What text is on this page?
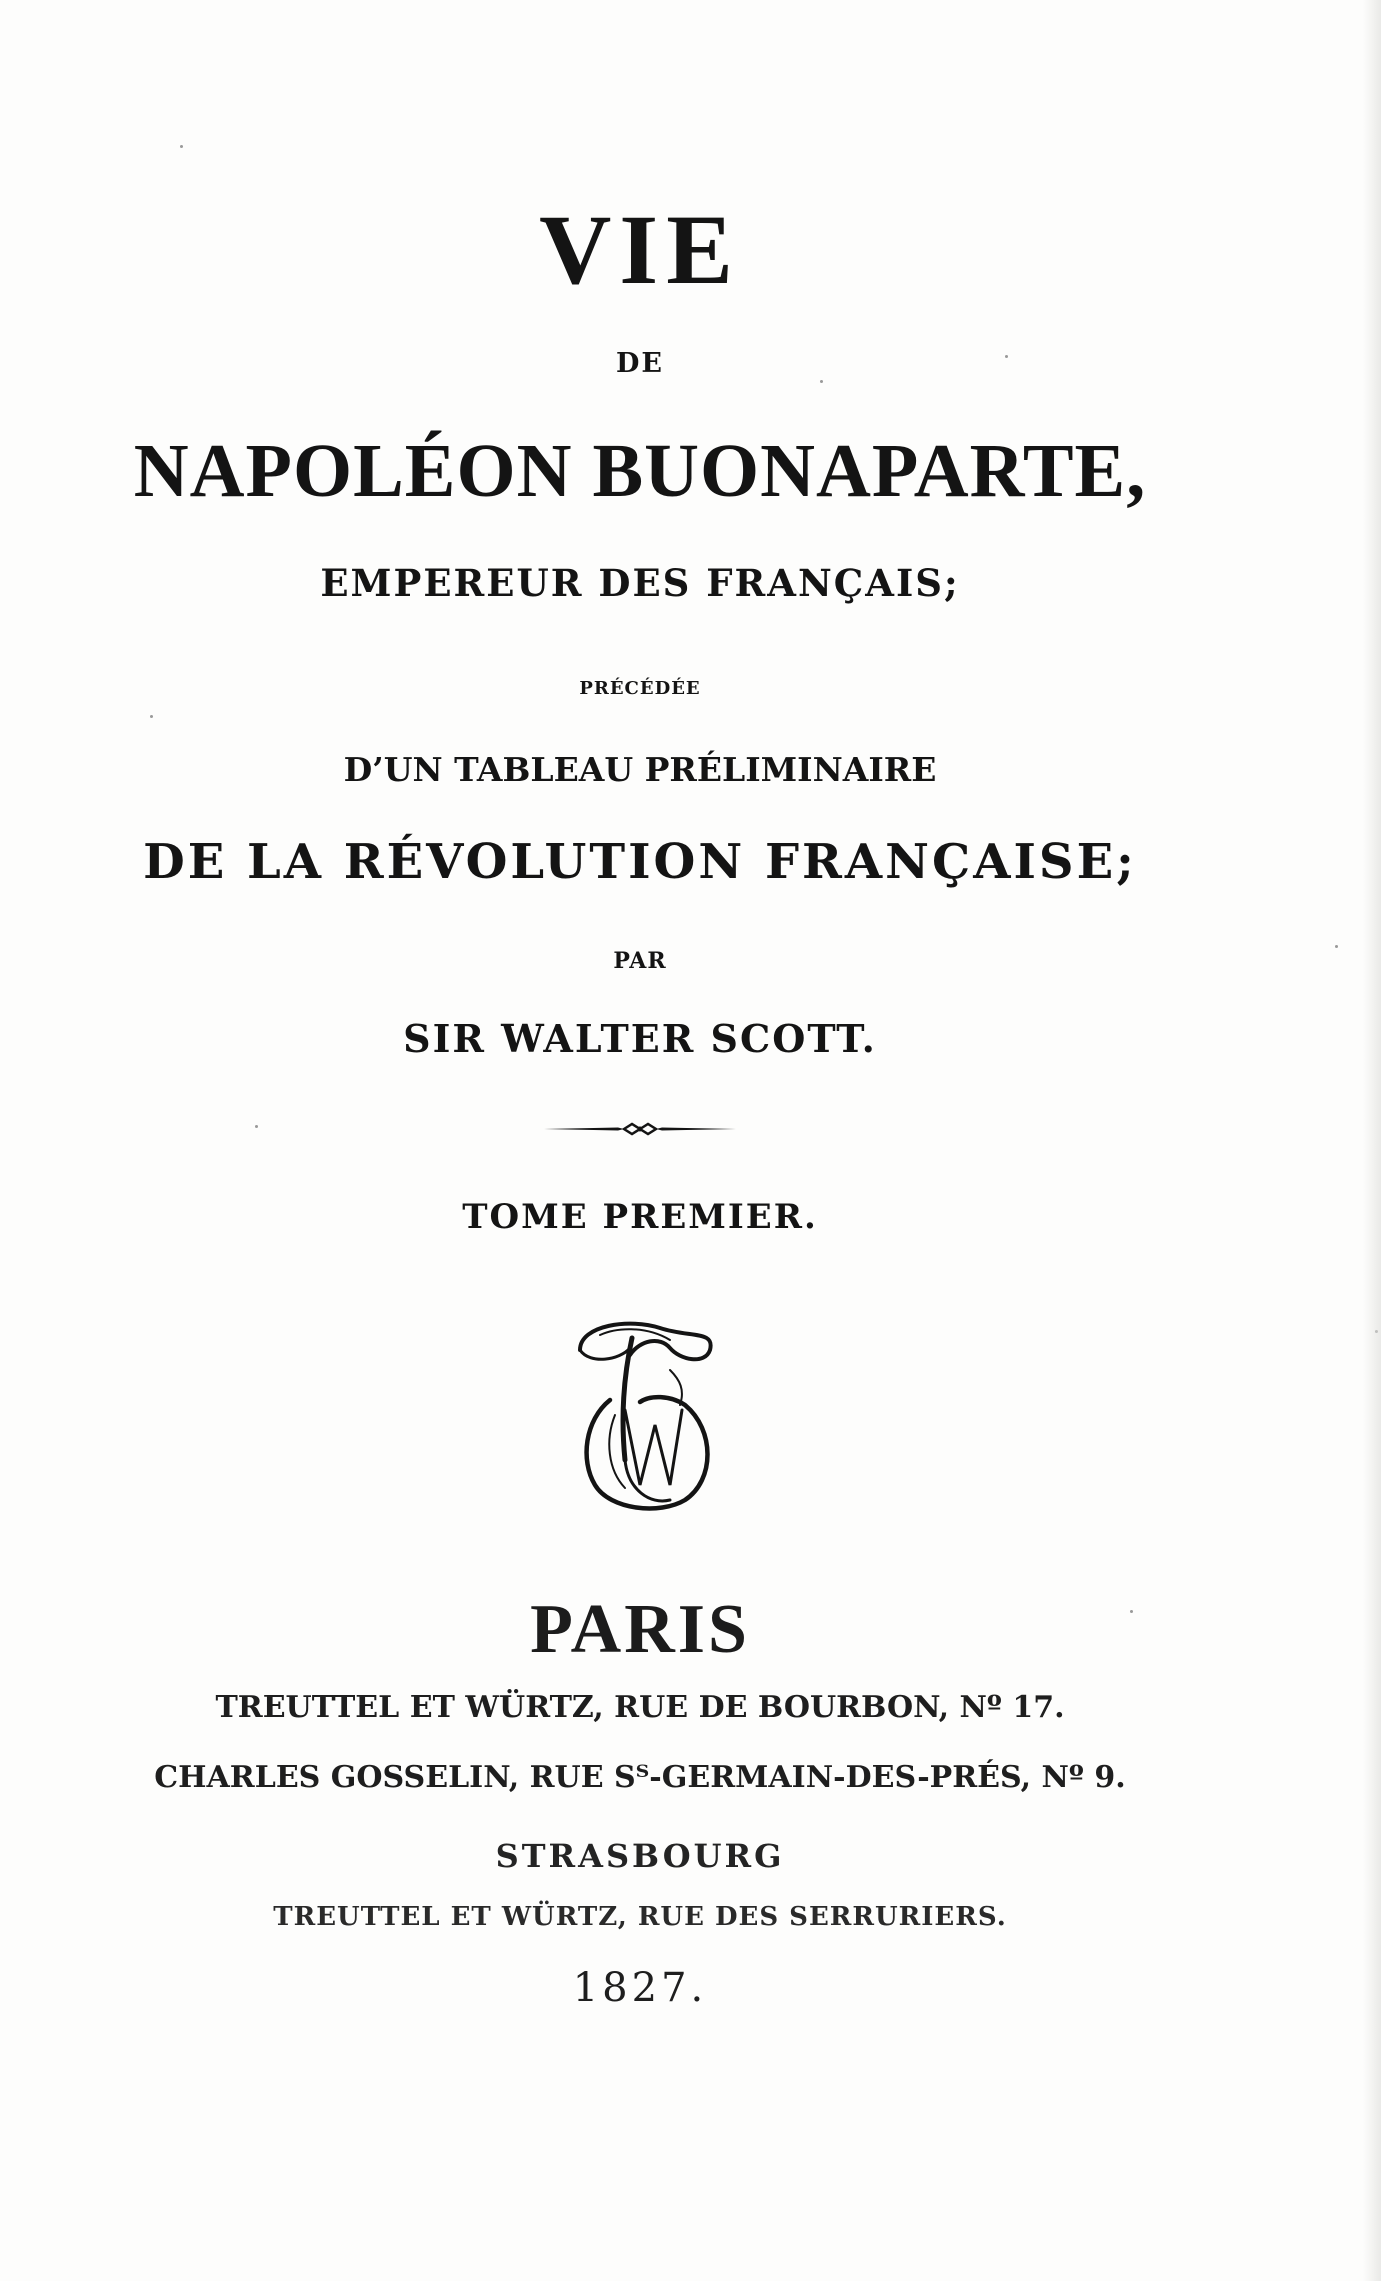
VIE
DE
NAPOLÉON BUONAPARTE,
EMPEREUR DES FRANÇAIS;
PRÉCÉDÉE
D’UN TABLEAU PRÉLIMINAIRE
DE LA RÉVOLUTION FRANÇAISE;
PAR
SIR WALTER SCOTT.
TOME PREMIER.
PARIS
TREUTTEL ET WÜRTZ, RUE DE BOURBON, Nº 17.
CHARLES GOSSELIN, RUE Sᵀ-GERMAIN-DES-PRÉS, Nº 9.
STRASBOURG
TREUTTEL ET WÜRTZ, RUE DES SERRURIERS.
1827.
